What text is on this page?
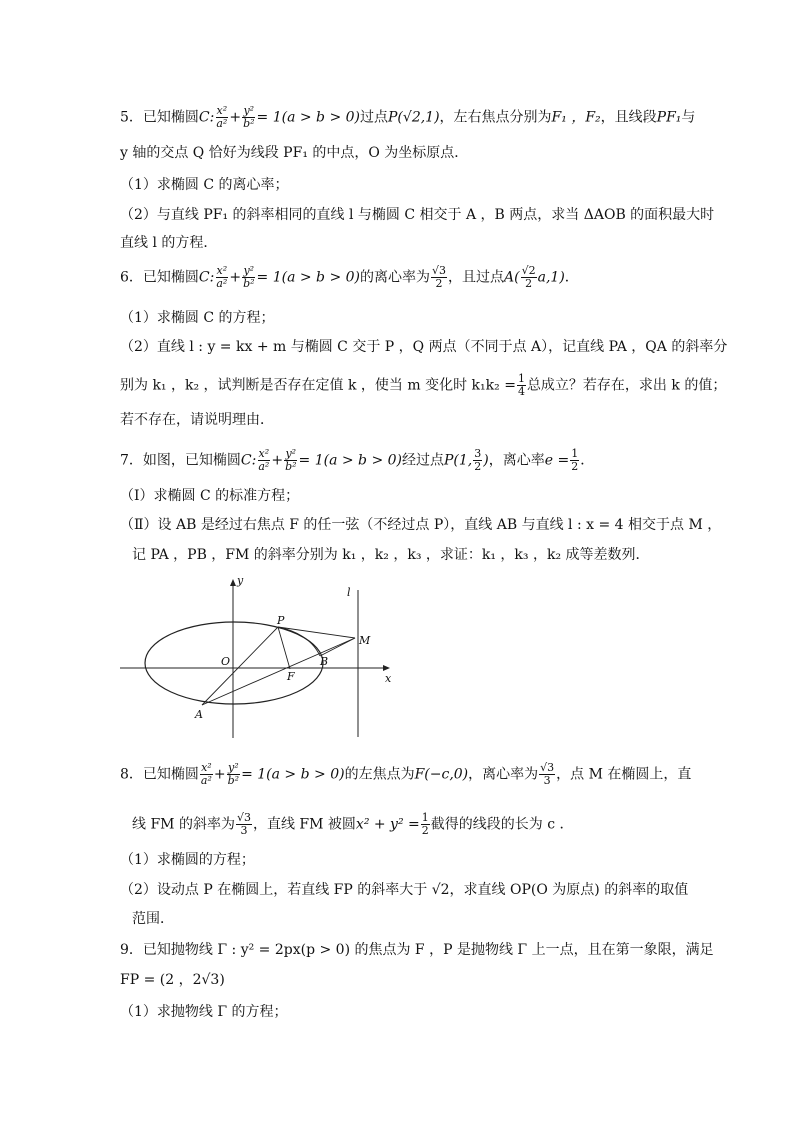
5．已知椭圆C: $\frac{\text{x²}}{\text{a²}} + \frac{\text{y²}}{\text{b²}} = 1(a > b > 0)$过点P(√2,1)，左右焦点分别为F₁ ，F₂，且线段PF₁与
y 轴的交点 Q 恰好为线段 PF₁ 的中点，O 为坐标原点．
（1）求椭圆 C 的离心率；
（2）与直线 PF₁ 的斜率相同的直线 l 与椭圆 C 相交于 A ，B 两点，求当 ΔAOB 的面积最大时
直线 l 的方程．
6．已知椭圆C: $\frac{\text{x²}}{\text{a²}} + \frac{\text{y²}}{\text{b²}} = 1(a > b > 0)$的离心率为 $\frac{√3}{2}$ ，且过点$A( \frac{√2}{2} a,1)$．
（1）求椭圆 C 的方程；
（2）直线 l : y = kx + m 与椭圆 C 交于 P ，Q 两点（不同于点 A），记直线 PA ，QA 的斜率分
别为 k₁ ，k₂ ，试判断是否存在定值 k ，使当 m 变化时 $k_1k_2 = \frac{1}{4}$ 总成立？若存在，求出 k 的值；
若不存在，请说明理由．
7．如图，已知椭圆C: $\frac{\text{x²}}{\text{a²}} + \frac{\text{y²}}{\text{b²}} = 1(a > b > 0)$经过点P(1, $\frac{3}{2}$ )，离心率$e = \frac{1}{2}$ ．
（Ⅰ）求椭圆 C 的标准方程；
（Ⅱ）设 AB 是经过右焦点 F 的任一弦（不经过点 P），直线 AB 与直线 l : x = 4 相交于点 M ，
记 PA ，PB ，FM 的斜率分别为 k₁ ，k₂ ，k₃ ，求证：k₁ ，k₃ ，k₂ 成等差数列．
y
l
P
M
O	B
F	x
A
8．已知椭圆 $\frac{\text{x²}}{\text{a²}} + \frac{\text{y²}}{\text{b²}} = 1(a > b > 0)$的左焦点为F(−c,0)，离心率为 $\frac{√3}{3}$ ，点 M 在椭圆上，直
线 FM 的斜率为 $\frac{√3}{3}$ ，直线 FM 被圆$x^2 + y^2 = \frac{1}{2}$ 截得的线段的长为 c ．
（1）求椭圆的方程；
（2）设动点 P 在椭圆上，若直线 FP 的斜率大于 √2，求直线 OP(O 为原点) 的斜率的取值
范围．
9．已知抛物线 Γ : y² = 2px(p > 0) 的焦点为 F ，P 是抛物线 Γ 上一点，且在第一象限，满足
FP = (2 ，2√3)
（1）求抛物线 Γ 的方程；
